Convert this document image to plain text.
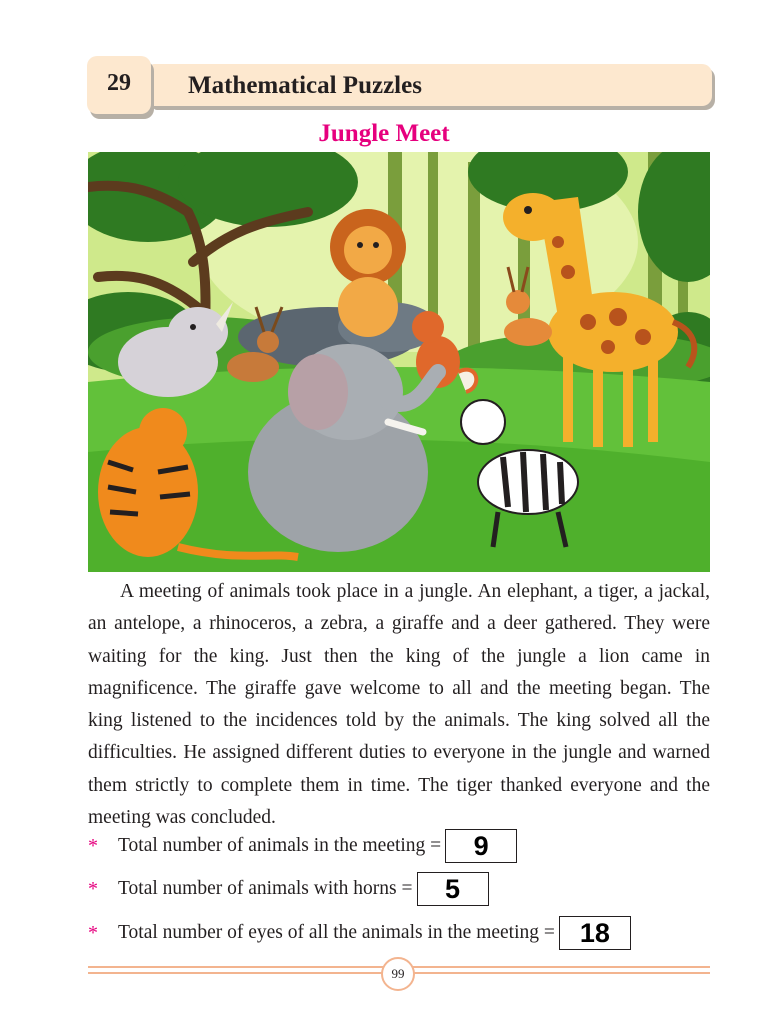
Mathematical Puzzles
29
Jungle Meet

A meeting of animals took place in a jungle. An elephant, a tiger, a jackal, an antelope, a rhinoceros, a zebra, a giraffe and a deer gathered. They were waiting for the king. Just then the king of the jungle a lion came in magnificence. The giraffe gave welcome to all and the meeting began. The king listened to the incidences told by the animals. The king solved all the difficulties. He assigned different duties to everyone in the jungle and warned them strictly to complete them in time. The tiger thanked everyone and the meeting was concluded.

*	Total number of animals in the meeting =	9
*	Total number of animals with horns =	5
*	Total number of eyes of all the animals in the meeting = 18
99
